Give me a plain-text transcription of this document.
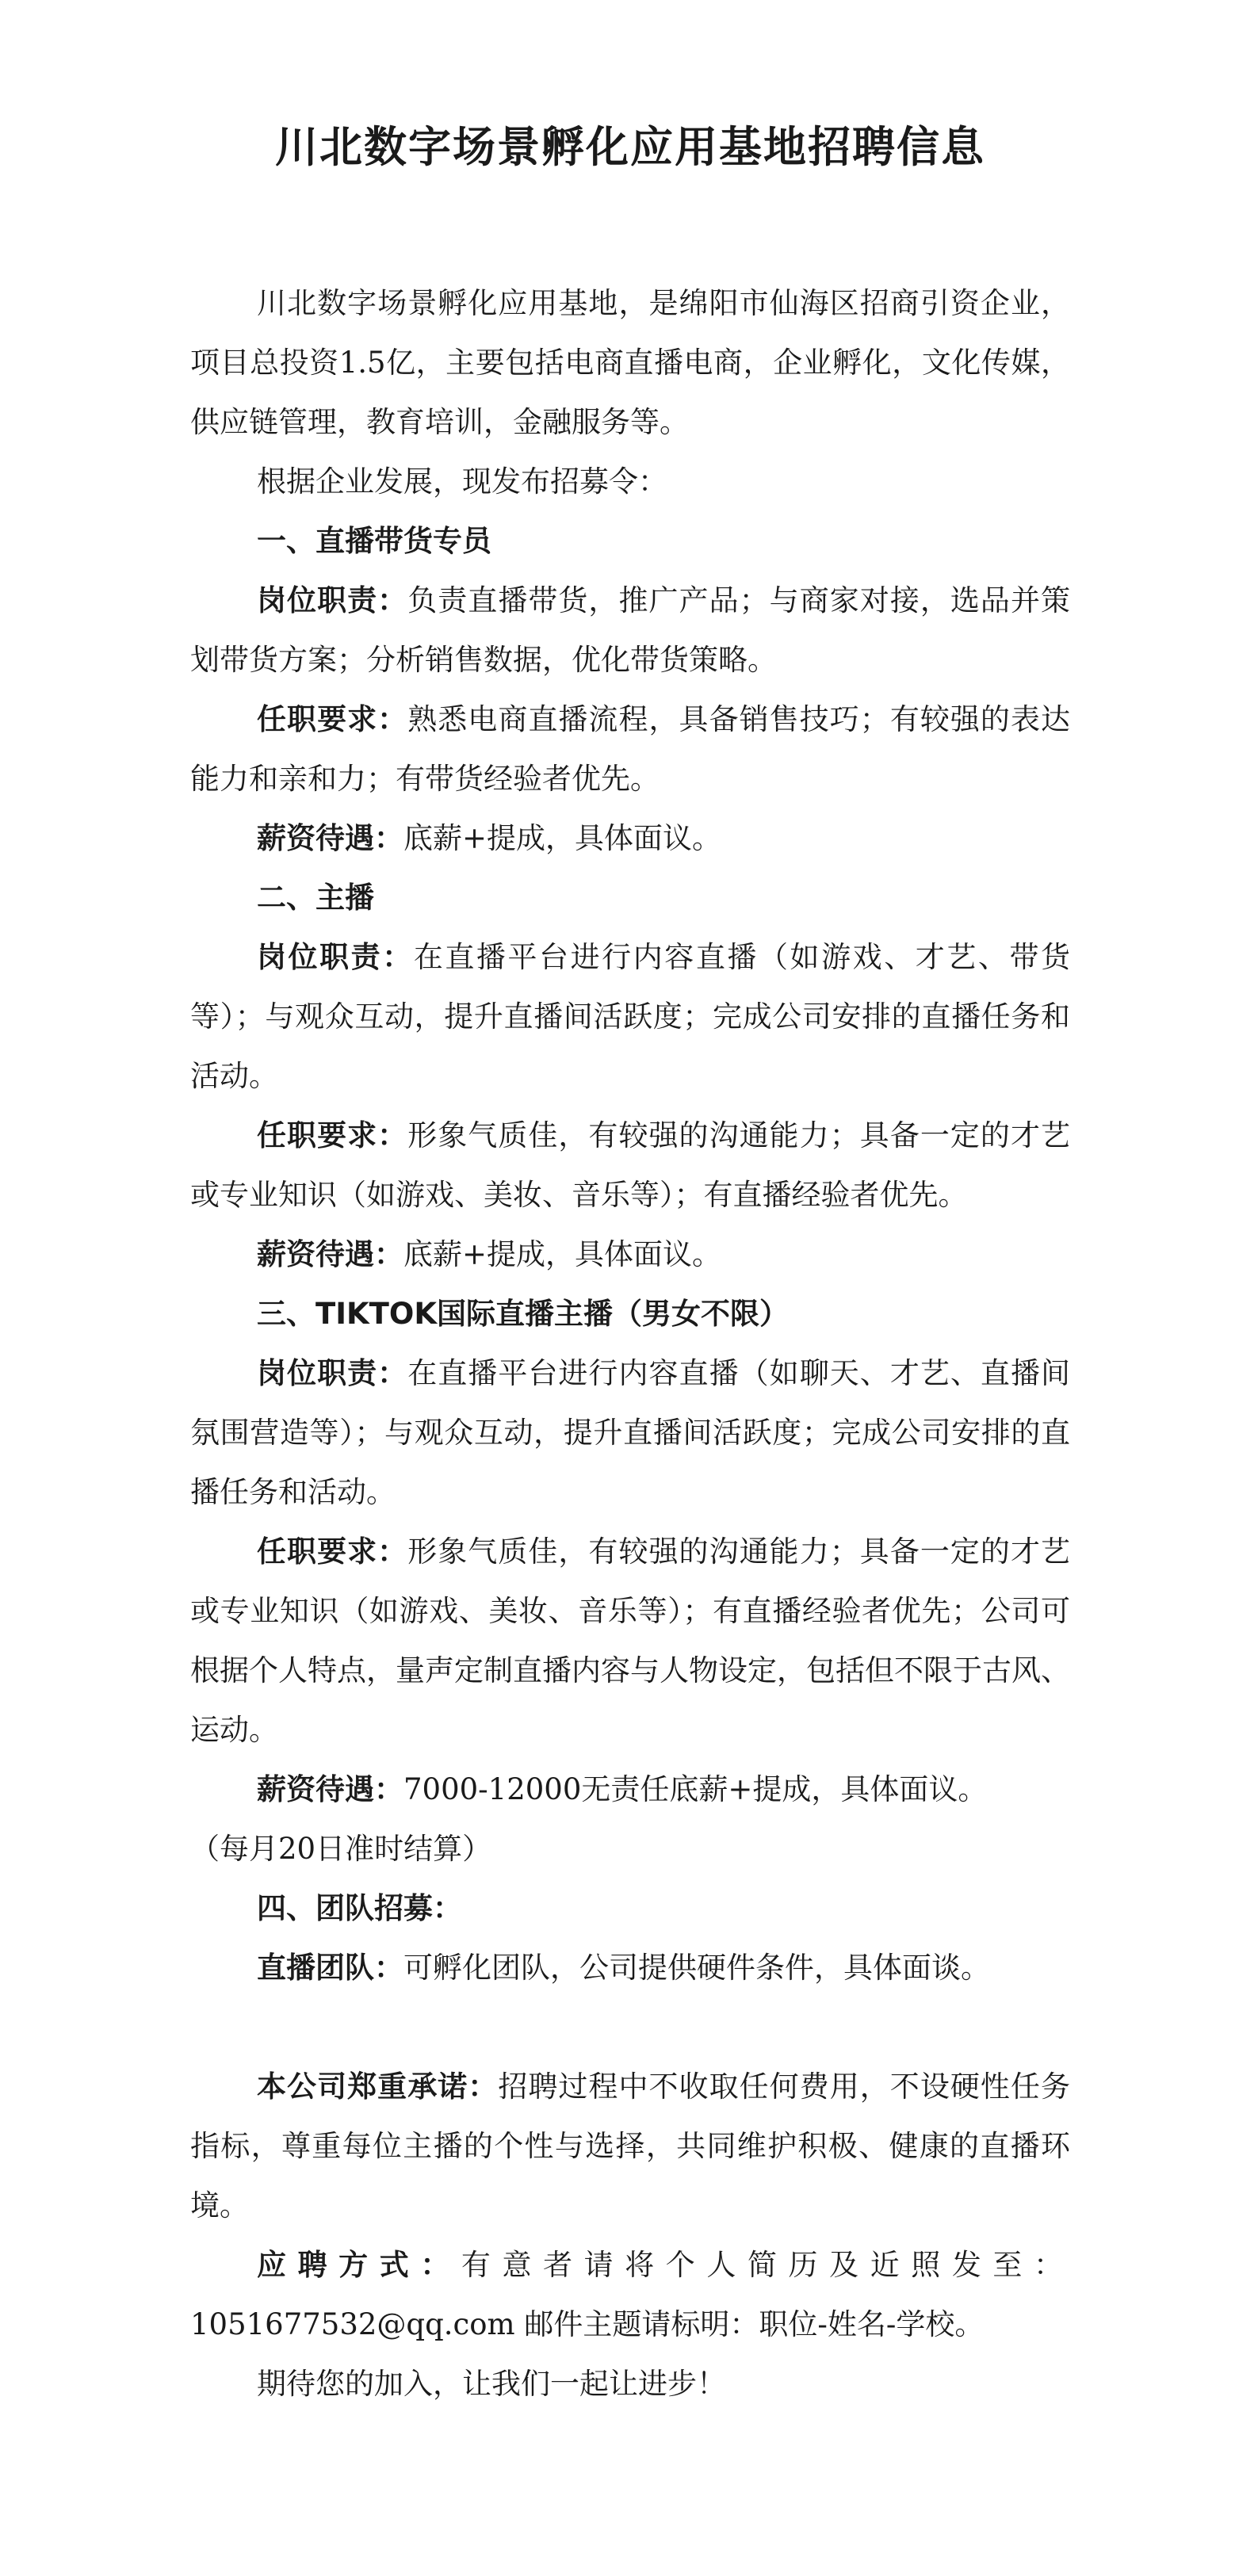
川北数字场景孵化应用基地招聘信息

川北数字场景孵化应用基地，是绵阳市仙海区招商引资企业，项目总投资1.5亿，主要包括电商直播电商，企业孵化，文化传媒，供应链管理，教育培训，金融服务等。

根据企业发展，现发布招募令：

一、直播带货专员

岗位职责：负责直播带货，推广产品；与商家对接，选品并策划带货方案；分析销售数据，优化带货策略。

任职要求：熟悉电商直播流程，具备销售技巧；有较强的表达能力和亲和力；有带货经验者优先。

薪资待遇：底薪+提成，具体面议。

二、主播

岗位职责：在直播平台进行内容直播（如游戏、才艺、带货等）；与观众互动，提升直播间活跃度；完成公司安排的直播任务和活动。

任职要求：形象气质佳，有较强的沟通能力；具备一定的才艺或专业知识（如游戏、美妆、音乐等）；有直播经验者优先。

薪资待遇：底薪+提成，具体面议。

三、TIKTOK国际直播主播（男女不限）

岗位职责：在直播平台进行内容直播（如聊天、才艺、直播间氛围营造等）；与观众互动，提升直播间活跃度；完成公司安排的直播任务和活动。

任职要求：形象气质佳，有较强的沟通能力；具备一定的才艺或专业知识（如游戏、美妆、音乐等）；有直播经验者优先；公司可根据个人特点，量声定制直播内容与人物设定，包括但不限于古风、运动。

薪资待遇：7000-12000无责任底薪+提成，具体面议。

（每月20日准时结算）

四、团队招募：

直播团队：可孵化团队，公司提供硬件条件，具体面谈。

本公司郑重承诺：招聘过程中不收取任何费用，不设硬性任务指标，尊重每位主播的个性与选择，共同维护积极、健康的直播环境。

应聘方式：有意者请将个人简历及近照发至：1051677532@qq.com 邮件主题请标明：职位-姓名-学校。

期待您的加入，让我们一起让进步！
